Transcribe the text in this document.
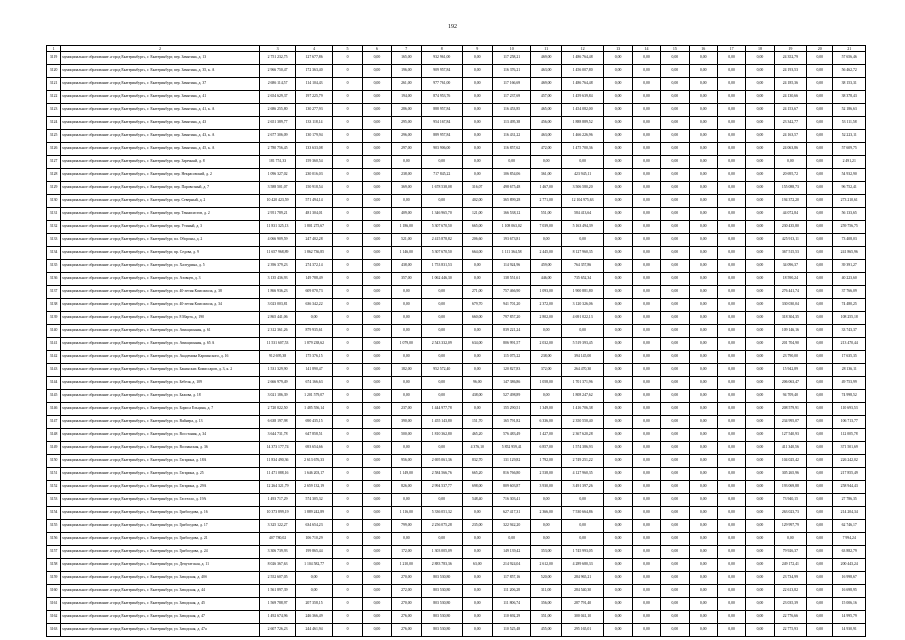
192
1	2	3	4	5	6	7	8	9	10	11	12	13	14	15	16	17	18	19	20	21
3119	муниципальное образование «город Екатеринбург», г. Екатеринбург, пер. Замятина, д. 13	2 751 232,75	127 677,86	0	0,00	165,00	932 961,00	0,00	117 258,21	469,00	1 486 764,48	0,00	0,00	0,00	0,00	0,00	0,00	24 352,79	0,00	57 656,46
3120	муниципальное образование «город Екатеринбург», г. Екатеринбург, пер. Замятина, д. 35, к. А	2 966 750,47	172 363,40	0	0,00	196,00	909 957,84	0,00	116 376,21	463,00	1 456 007,80	0,00	0,00	0,00	0,00	0,00	0,00	24 193,53	0,00	56 462,72
3121	муниципальное образование «город Екатеринбург», г. Екатеринбург, пер. Замятина, д. 37	2 686 114,57	114 104,43	0	0,00	261,00	977 761,00	0,00	117 166,69	469,00	1 486 764,48	0,00	0,00	0,00	0,00	0,00	0,00	24 185,36	0,00	38 153,31
3122	муниципальное образование «город Екатеринбург», г. Екатеринбург, пер. Замятина, д. 41	2 654 629,37	197 225,79	0	0,00	194,00	874 953,76	0,00	117 237,69	457,00	1 459 639,84	0,00	0,00	0,00	0,00	0,00	0,00	24 130,66	0,00	38 378,43
3123	муниципальное образование «город Екатеринбург», г. Екатеринбург, пер. Замятина, д. 41, к. А	2 686 255,80	130 277,93	0	0,00	286,00	888 957,84	0,00	116 453,85	465,00	1 454 082,00	0,00	0,00	0,00	0,00	0,00	0,00	24 153,67	0,00	52 186,63
3124	муниципальное образование «город Екатеринбург», г. Екатеринбург, пер. Замятина, д. 43	2 651 389,77	133 118,14	0	0,00	295,00	954 167,84	0,00	113 495,38	456,00	1 888 889,52	0,00	0,00	0,00	0,00	0,00	0,00	23 342,77	0,00	53 111,58
3125	муниципальное образование «город Екатеринбург», г. Екатеринбург, пер. Замятина, д. 43, к. А	2 677 306,09	130 179,94	0	0,00	296,00	889 957,84	0,00	116 431,22	463,00	1 466 226,96	0,00	0,00	0,00	0,00	0,00	0,00	24 163,57	0,00	52 223,11
3126	муниципальное образование «город Екатеринбург», г. Екатеринбург, пер. Замятина, д. 45, к. А	2 780 756,45	133 633,08	0	0,00	297,00	903 906,00	0,00	116 857,62	472,00	1 475 700,36	0,00	0,00	0,00	0,00	0,00	0,00	24 063,86	0,00	57 609,75
3127	муниципальное образование «город Екатеринбург», г. Екатеринбург, пер. Заречный, д. 8	181 751,33	159 360,54	0	0,00	0,00	0,00	0,00	0,00	0,00	0,00	0,00	0,00	0,00	0,00	0,00	0,00	0,00	0,00	2 491,21
3128	муниципальное образование «город Екатеринбург», г. Екатеринбург, пер. Некрасовский, д. 2	1 096 327,02	230 016,03	0	0,00	238,00	717 845,22	0,00	106 854,06	361,00	423 945,11	0,00	0,00	0,00	0,00	0,00	0,00	20 695,72	0,00	54 932,90
3129	муниципальное образование «город Екатеринбург», г. Екатеринбург, пер. Паровозный, д. 7	3 588 501,07	150 918,54	0	0,00	369,00	1 678 538,08	316,07	498 675,48	1 467,00	3 506 580,20	0,00	0,00	0,00	0,00	0,00	0,00	155 088,73	0,00	96 752,41
3130	муниципальное образование «город Екатеринбург», г. Екатеринбург, пер. Северный, д. 2	10 420 423,59	571 494,14	0	0,00	0,00	0,00	402,00	365 899,28	2 771,00	12 104 975,63	0,00	0,00	0,00	0,00	0,00	0,00	194 372,20	0,00	273 210,61
3131	муниципальное образование «город Екатеринбург», г. Екатеринбург, пер. Теннисистов, д. 2	2 951 789,21	481 304,01	0	0,00	409,00	1 346 965,70	121,00	166 538,12	551,00	584 413,64	0,00	0,00	0,00	0,00	0,00	0,00	44 072,84	0,00	56 133,65
3132	муниципальное образование «город Екатеринбург», г. Екатеринбург, пер. Утиный, д. 3	11 831 325,13	1 801 275,67	0	0,00	1 186,00	5 307 670,50	665,00	1 108 063,02	7 039,00	5 163 494,39	0,00	0,00	0,00	0,00	0,00	0,00	230 435,80	0,00	259 756,75
3133	муниципальное образование «город Екатеринбург», г. Екатеринбург, пл. Обороны, д. 2	4 066 909,59	247 402,28	0	0,00	521,00	2 415 878,82	206,60	193 673,81	0,00	0,00	0,00	0,00	0,00	0,00	0,00	0,00	425 913,11	0,00	73 408,03
3134	муниципальное образование «город Екатеринбург», г. Екатеринбург, пр. Седова, д. 9	11 657 968,89	1 862 736,85	0	0,00	1 146,00	5 307 670,50	664,00	1 111 364,58	2 445,00	8 127 960,35	0,00	0,00	0,00	0,00	0,00	0,00	367 515,53	0,00	241 865,96
3135	муниципальное образование «город Екатеринбург», г. Екатеринбург, ул. Халтурина, д. 5	2 396 379,23	274 372,14	0	0,00	438,00	1 753 831,53	0,00	114 924,96	459,00	764 357,86	0,00	0,00	0,00	0,00	0,00	0,00	34 096,37	0,00	39 391,27
3136	муниципальное образование «город Екатеринбург», г. Екатеринбург, ул. Азовцев, д. 3	3 135 436,93	149 788,49	0	0,00	357,00	1 062 446,30	0,00	138 551,61	446,00	735 652,34	0,00	0,00	0,00	0,00	0,00	0,00	18 590,24	0,00	40 223,60
3137	муниципальное образование «город Екатеринбург», г. Екатеринбург, ул. 40-летия Комсомола, д. 38	1 866 936,23	609 070,73	0	0,00	0,00	0,00	271,00	757 466,90	1 093,00	1 900 881,80	0,00	0,00	0,00	0,00	0,00	0,00	276 441,74	0,00	37 766,09
3138	муниципальное образование «город Екатеринбург», г. Екатеринбург, ул. 40-летия Комсомола, д. 34	3 023 003,81	636 342,22	0	0,00	0,00	0,00	679,70	941 701,20	2 372,00	3 120 326,06	0,00	0,00	0,00	0,00	0,00	0,00	330 030,04	0,00	74 480,25
3139	муниципальное образование «город Екатеринбург», г. Екатеринбург, ул. 8 Марта, д. 190	2 865 441,06	0,00	0	0,00	0,00	0,00	660,00	797 857,20	2 802,00	4 691 022,13	0,00	0,00	0,00	0,00	0,00	0,00	318 304,35	0,00	108 255,18
3140	муниципальное образование «город Екатеринбург», г. Екатеринбург, ул. Авиационная, д. 61	2 312 361,26	879 935,61	0	0,00	0,00	0,00	0,00	839 221,24	0,00	0,00	0,00	0,00	0,00	0,00	0,00	0,00	109 146,16	0,00	33 743,37
3141	муниципальное образование «город Екатеринбург», г. Екатеринбург, ул. Авиационная, д. 65 А	11 531 607,53	1 879 238,62	0	0,00	1 079,00	2 543 332,09	634,00	806 991,57	2 032,00	5 519 393,45	0,00	0,00	0,00	0,00	0,00	0,00	201 704,90	0,00	213 470,44
3142	муниципальное образование «город Екатеринбург», г. Екатеринбург, ул. Академика Карпинского, д. 16	912 695,38	175 376,15	0	0,00	0,00	0,00	0,00	115 075,22	238,00	394 145,00	0,00	0,00	0,00	0,00	0,00	0,00	23 790,00	0,00	17 635,35
3143	муниципальное образование «город Екатеринбург», г. Екатеринбург, ул. Бакинских Комиссаров, д. 3, к. 2	1 531 329,90	141 890,47	0	0,00	182,00	952 572,40	0,00	120 827,83	372,00	264 470,30	0,00	0,00	0,00	0,00	0,00	0,00	15 942,89	0,00	28 136,11
3144	муниципальное образование «город Екатеринбург», г. Екатеринбург, ул. Бебеля, д. 109	2 666 979,49	674 166,63	0	0,00	0,00	0,00	96,00	147 386,86	1 058,00	1 701 371,96	0,00	0,00	0,00	0,00	0,00	0,00	206 063,47	0,00	49 753,99
3145	муниципальное образование «город Екатеринбург», г. Екатеринбург, ул. Бажова, д. 18	3 021 186,39	1 201 579,07	0	0,00	0,00	0,00	438,00	527 498,89	0,00	1 808 247,62	0,00	0,00	0,00	0,00	0,00	0,00	94 709,40	0,00	74 998,52
3146	муниципальное образование «город Екатеринбург», г. Екатеринбург, ул. Бориса Ельцина, д. 7	2 720 022,50	1 485 556,14	0	0,00	237,00	1 444 977,78	0,00	155 290,51	1 349,00	1 416 706,38	0,00	0,00	0,00	0,00	0,00	0,00	208 579,91	0,00	110 693,53
3147	муниципальное образование «город Екатеринбург», г. Екатеринбург, ул. Вайнера, д. 13	6 638 197,98	690 435,15	0	0,00	390,00	1 455 143,80	151,70	165 791,82	6 336,00	2 350 550,40	0,00	0,00	0,00	0,00	0,00	0,00	234 995,07	0,00	106 713,77
3148	муниципальное образование «город Екатеринбург», г. Екатеринбург, ул. Восстания, д. 34	3 644 731,78	647 858,51	0	0,00	500,00	1 810 362,80	465,20	576 483,49	1 427,00	2 367 620,28	0,00	0,00	0,00	0,00	0,00	0,00	127 540,93	0,00	112 005,78
3149	муниципальное образование «город Екатеринбург», г. Екатеринбург, ул. Волчанская, д. 36	14 373 177,74	693 654,66	0	0,00	0,00	0,00	4 376,10	5 852 959,41	6 857,00	1 574 386,93	0,00	0,00	0,00	0,00	0,00	0,00	411 340,56	0,00	371 501,69
3150	муниципальное образование «город Екатеринбург», г. Екатеринбург, ул. Гагарина, д. 18А	11 834 490,36	2 613 676,33	0	0,00	956,00	2 695 061,36	832,70	131 129,82	1 792,00	2 749 251,22	0,00	0,00	0,00	0,00	0,00	0,00	104 025,42	0,00	226 242,02
3151	муниципальное образование «город Екатеринбург», г. Екатеринбург, ул. Гагарина, д. 25	11 471 088,16	1 646 203,17	0	0,00	1 149,00	2 584 566,76	665,20	816 766,80	2 538,00	4 127 960,35	0,00	0,00	0,00	0,00	0,00	0,00	305 265,96	0,00	217 855,49
3152	муниципальное образование «город Екатеринбург», г. Екатеринбург, ул. Гагарина, д. 29А	12 264 321,79	2 659 132,19	0	0,00	826,00	2 994 537,77	698,00	809 603,87	3 930,00	3 491 397,26	0,00	0,00	0,00	0,00	0,00	0,00	193 069,88	0,00	258 944,43
3153	муниципальное образование «город Екатеринбург», г. Екатеринбург, ул. Гастелло, д. 19А	1 493 717,29	574 305,32	0	0,00	0,00	0,00	548,40	716 303,41	0,00	0,00	0,00	0,00	0,00	0,00	0,00	0,00	73 940,15	0,00	27 786,35
3154	муниципальное образование «город Екатеринбург», г. Екатеринбург, ул. Грибоедова, д. 16	10 373 899,19	1 889 242,89	0	0,00	1 116,00	5 336 051,32	0,00	627 417,31	2 366,00	7 530 664,86	0,00	0,00	0,00	0,00	0,00	0,00	263 023,73	0,00	214 204,34
3155	муниципальное образование «город Екатеринбург», г. Екатеринбург, ул. Грибоедова, д. 17	3 325 122,27	634 654,23	0	0,00	799,00	2 256 075,28	235,00	322 942,20	0,00	0,00	0,00	0,00	0,00	0,00	0,00	0,00	129 997,79	0,00	62 746,17
3156	муниципальное образование «город Екатеринбург», г. Екатеринбург, ул. Грибоедова, д. 21	407 780,02	106 710,29	0	0,00	0,00	0,00	0,00	0,00	0,00	0,00	0,00	0,00	0,00	0,00	0,00	0,00	0,00	0,00	7 994,24
3157	муниципальное образование «город Екатеринбург», г. Екатеринбург, ул. Грибоедова, д. 24	3 306 739,93	199 865,44	0	0,00	172,00	1 303 005,09	0,00	149 139,42	353,00	1 745 993,05	0,00	0,00	0,00	0,00	0,00	0,00	79 926,37	0,00	63 882,79
3158	муниципальное образование «город Екатеринбург», г. Екатеринбург, ул. Депутатская, д. 11	8 026 367,63	1 104 582,77	0	0,00	1 210,00	2 883 783,36	63,00	214 924,04	2 612,00	4 289 680,33	0,00	0,00	0,00	0,00	0,00	0,00	249 172,41	0,00	200 443,24
3159	муниципальное образование «город Екатеринбург», г. Екатеринбург, ул. Заводская, д. 40б	2 552 607,05	0,00	0	0,00	270,00	803 530,80	0,00	117 857,16	520,00	284 965,21	0,00	0,00	0,00	0,00	0,00	0,00	23 734,99	0,00	16 998,67
3160	муниципальное образование «город Екатеринбург», г. Екатеринбург, ул. Заводская, д. 44	1 561 897,39	0,00	0	0,00	272,00	803 530,80	0,00	111 206,28	311,00	284 540,30	0,00	0,00	0,00	0,00	0,00	0,00	22 613,82	0,00	16 698,95
3161	муниципальное образование «город Екатеринбург», г. Екатеринбург, ул. Заводская, д. 45	1 569 788,97	207 358,15	0	0,00	270,00	803 530,80	0,00	111 806,74	356,00	287 791,40	0,00	0,00	0,00	0,00	0,00	0,00	23 035,39	0,00	15 006,16
3162	муниципальное образование «город Екатеринбург», г. Екатеринбург, ул. Заводская, д. 47	1 492 674,96	246 366,49	0	0,00	276,00	803 530,80	0,00	110 692,29	351,00	300 041,10	0,00	0,00	0,00	0,00	0,00	0,00	22 776,66	0,00	14 995,79
3163	муниципальное образование «город Екатеринбург», г. Екатеринбург, ул. Заводская, д. 47а	2 607 726,23	244 461,94	0	0,00	276,00	803 530,80	0,00	110 525,48	455,00	295 165,01	0,00	0,00	0,00	0,00	0,00	0,00	22 775,93	0,00	14 930,91
